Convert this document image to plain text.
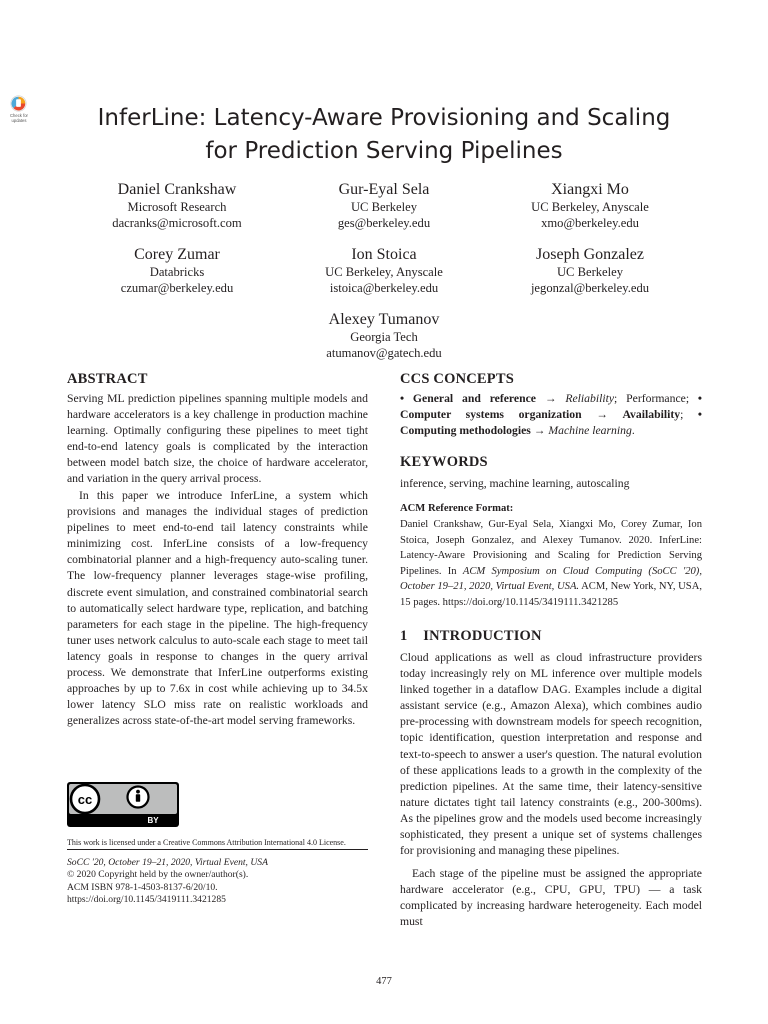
Check for
updates	InferLine: Latency-Aware Provisioning and Scaling
for Prediction Serving Pipelines
Daniel Crankshaw
Microsoft Research
dacranks@microsoft.com
Gur-Eyal Sela
UC Berkeley
ges@berkeley.edu
Xiangxi Mo
UC Berkeley, Anyscale
xmo@berkeley.edu
Corey Zumar
Databricks
czumar@berkeley.edu
Ion Stoica
UC Berkeley, Anyscale
istoica@berkeley.edu
Joseph Gonzalez
UC Berkeley
jegonzal@berkeley.edu
Alexey Tumanov
Georgia Tech
atumanov@gatech.edu
ABSTRACT
Serving ML prediction pipelines spanning multiple models and hardware accelerators is a key challenge in production machine learning. Optimally configuring these pipelines to meet tight end-to-end latency goals is complicated by the interaction between model batch size, the choice of hardware accelerator, and variation in the query arrival process.
In this paper we introduce InferLine, a system which provisions and manages the individual stages of prediction pipelines to meet end-to-end tail latency constraints while minimizing cost. InferLine consists of a low-frequency combinatorial planner and a high-frequency auto-scaling tuner. The low-frequency planner leverages stage-wise profiling, discrete event simulation, and constrained combinatorial search to automatically select hardware type, replication, and batching parameters for each stage in the pipeline. The high-frequency tuner uses network calculus to auto-scale each stage to meet tail latency goals in response to changes in the query arrival process. We demonstrate that InferLine outperforms existing approaches by up to 7.6x in cost while achieving up to 34.5x lower latency SLO miss rate on realistic workloads and generalizes across state-of-the-art model serving frameworks.
cc
BY
This work is licensed under a Creative Commons Attribution International 4.0 License.
SoCC '20, October 19–21, 2020, Virtual Event, USA
© 2020 Copyright held by the owner/author(s).
ACM ISBN 978-1-4503-8137-6/20/10.
https://doi.org/10.1145/3419111.3421285
CCS CONCEPTS
• General and reference → Reliability; Performance; • Computer systems organization → Availability; • Computing methodologies → Machine learning.
KEYWORDS
inference, serving, machine learning, autoscaling
ACM Reference Format:
Daniel Crankshaw, Gur-Eyal Sela, Xiangxi Mo, Corey Zumar, Ion Stoica, Joseph Gonzalez, and Alexey Tumanov. 2020. InferLine: Latency-Aware Provisioning and Scaling for Prediction Serving Pipelines. In ACM Symposium on Cloud Computing (SoCC '20), October 19–21, 2020, Virtual Event, USA. ACM, New York, NY, USA, 15 pages. https://doi.org/10.1145/3419111.3421285
1 INTRODUCTION
Cloud applications as well as cloud infrastructure providers today increasingly rely on ML inference over multiple models linked together in a dataflow DAG. Examples include a digital assistant service (e.g., Amazon Alexa), which combines audio pre-processing with downstream models for speech recognition, topic identification, question interpretation and response and text-to-speech to answer a user's question. The natural evolution of these applications leads to a growth in the complexity of the prediction pipelines. At the same time, their latency-sensitive nature dictates tight tail latency constraints (e.g., 200-300ms). As the pipelines grow and the models used become increasingly sophisticated, they present a unique set of systems challenges for provisioning and managing these pipelines.
Each stage of the pipeline must be assigned the appropriate hardware accelerator (e.g., CPU, GPU, TPU) — a task complicated by increasing hardware heterogeneity. Each model must
477
